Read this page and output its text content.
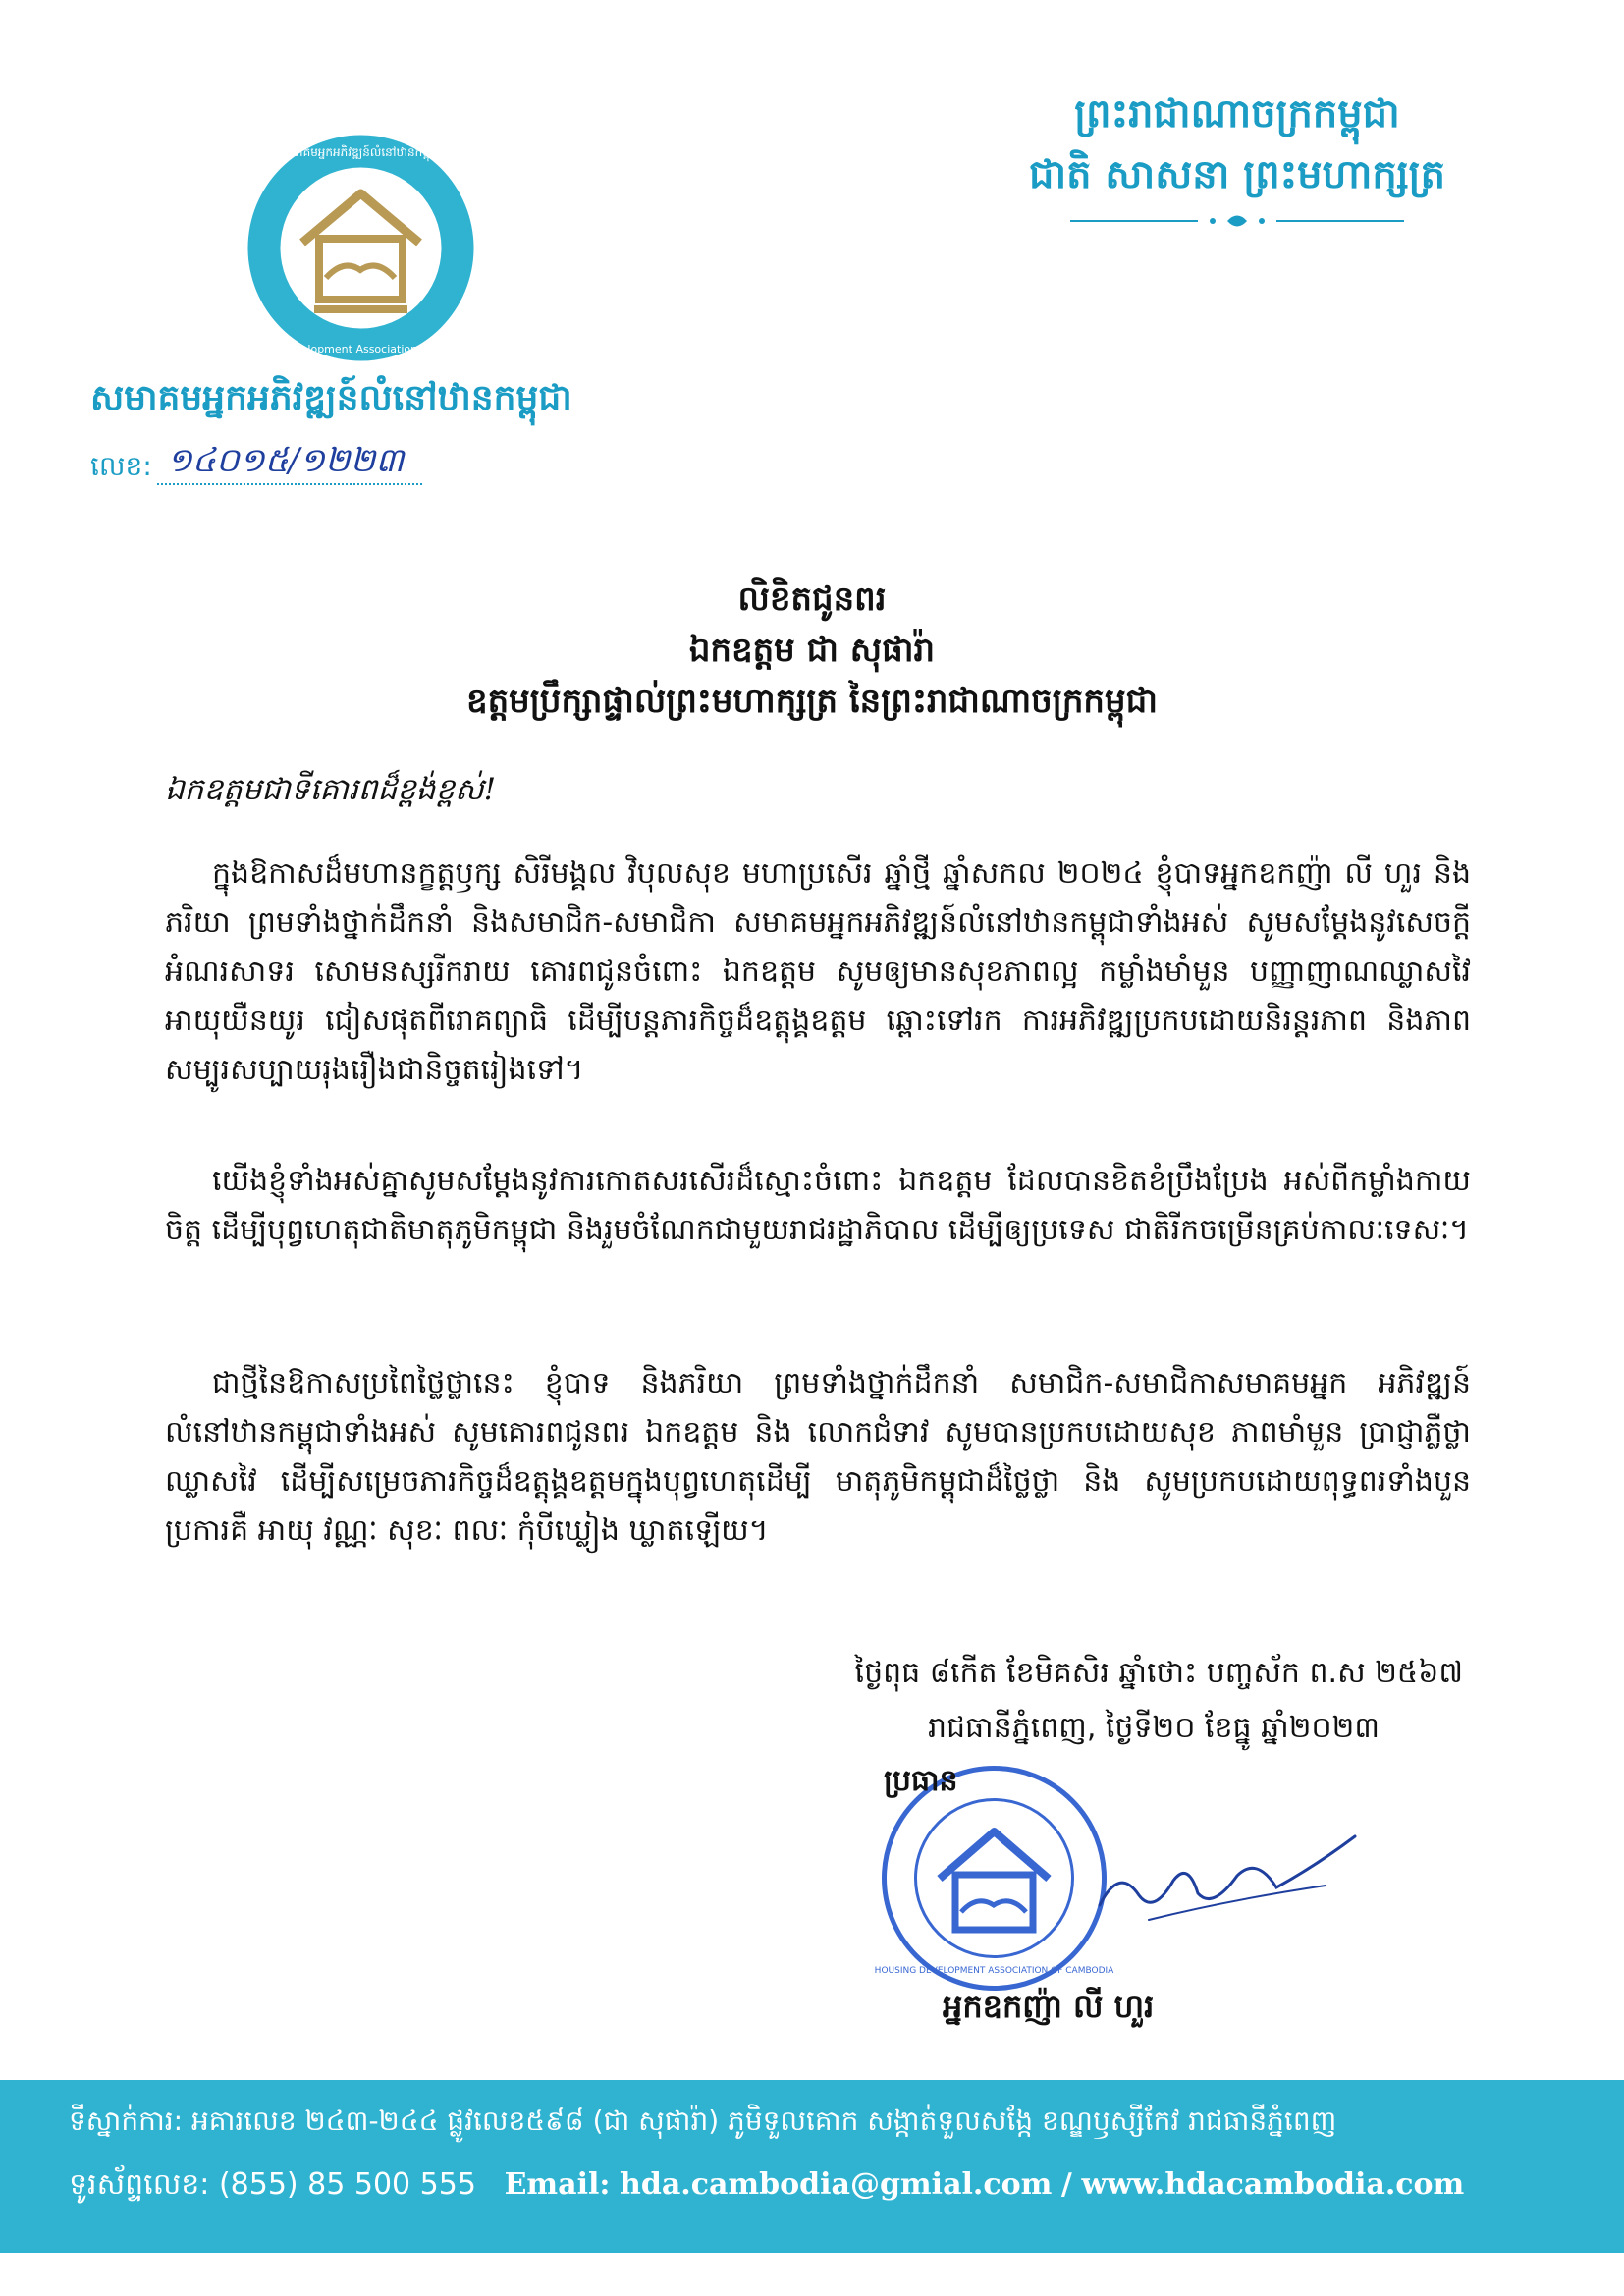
សមាគមអ្នកអភិវឌ្ឍន៍លំនៅឋានកម្ពុជា
Housing Development Association of Cambodia
ព្រះរាជាណាចក្រកម្ពុជា
ជាតិ សាសនា ព្រះមហាក្សត្រ
សមាគមអ្នកអភិវឌ្ឍន៍លំនៅឋានកម្ពុជា
លេខ: ១៤០១៥/១២២៣
លិខិតជូនពរ
ឯកឧត្តម ជា សុផារ៉ា
ឧត្តមប្រឹក្សាផ្ទាល់ព្រះមហាក្សត្រ នៃព្រះរាជាណាចក្រកម្ពុជា
ឯកឧត្តមជាទីគោរពដ៏ខ្ពង់ខ្ពស់!
ក្នុងឱកាសដ៏មហានក្ខត្តឫក្ស សិរីមង្គល វិបុលសុខ មហាប្រសើរ ឆ្នាំថ្មី ឆ្នាំសកល ២០២៤ ខ្ញុំបាទអ្នកឧកញ៉ា លី ហួរ និងភរិយា ព្រមទាំងថ្នាក់ដឹកនាំ និងសមាជិក-សមាជិកា សមាគមអ្នកអភិវឌ្ឍន៍លំនៅឋានកម្ពុជាទាំងអស់ សូមសម្តែងនូវសេចក្តីអំណរសាទរ សោមនស្សរីករាយ គោរពជូនចំពោះ ឯកឧត្តម សូមឲ្យមានសុខភាពល្អ កម្លាំងមាំមួន បញ្ញាញាណឈ្លាសវៃ អាយុយឺនយូរ ជៀសផុតពីរោគព្យាធិ ដើម្បីបន្តភារកិច្ចដ៏ឧត្តុង្គឧត្តម ឆ្ពោះទៅរក ការអភិវឌ្ឍប្រកបដោយនិរន្តរភាព និងភាពសម្បូរសប្បាយរុងរឿងជានិច្ចតរៀងទៅ។
យើងខ្ញុំទាំងអស់គ្នាសូមសម្តែងនូវការកោតសរសើរដ៏ស្មោះចំពោះ ឯកឧត្តម ដែលបានខិតខំប្រឹងប្រែង អស់ពីកម្លាំងកាយចិត្ត ដើម្បីបុព្វហេតុជាតិមាតុភូមិកម្ពុជា និងរួមចំណែកជាមួយរាជរដ្ឋាភិបាល ដើម្បីឲ្យប្រទេស ជាតិរីកចម្រើនគ្រប់កាលៈទេសៈ។
ជាថ្មីនៃឱកាសប្រពៃថ្លៃថ្លានេះ ខ្ញុំបាទ និងភរិយា ព្រមទាំងថ្នាក់ដឹកនាំ សមាជិក-សមាជិកាសមាគមអ្នក អភិវឌ្ឍន៍លំនៅឋានកម្ពុជាទាំងអស់ សូមគោរពជូនពរ ឯកឧត្តម និង លោកជំទាវ សូមបានប្រកបដោយសុខ ភាពមាំមួន ប្រាជ្ញាភ្លឺថ្លាឈ្លាសវៃ ដើម្បីសម្រេចភារកិច្ចដ៏ឧត្តុង្គឧត្តមក្នុងបុព្វហេតុដើម្បី មាតុភូមិកម្ពុជាដ៏ថ្លៃថ្លា និង សូមប្រកបដោយពុទ្ធពរទាំងបួនប្រការគឺ អាយុ វណ្ណៈ សុខៈ ពលៈ កុំបីឃ្លៀង ឃ្លាតឡើយ។
ថ្ងៃពុធ ៨កើត ខែមិគសិរ ឆ្នាំថោះ បញ្ចស័ក ព.ស ២៥៦៧
រាជធានីភ្នំពេញ, ថ្ងៃទី២០ ខែធ្នូ ឆ្នាំ២០២៣
HOUSING DEVELOPMENT ASSOCIATION OF CAMBODIA
ប្រធាន
អ្នកឧកញ៉ា លី ហួរ
ទីស្នាក់ការ: អគារលេខ ២៤៣-២៤៤ ផ្លូវលេខ៥៩៨ (ជា សុផារ៉ា) ភូមិទួលគោក សង្កាត់ទួលសង្កែ ខណ្ឌឫស្សីកែវ រាជធានីភ្នំពេញ
ទូរស័ព្ទលេខ: (855) 85 500 555 Email: hda.cambodia@gmial.com / www.hdacambodia.com
